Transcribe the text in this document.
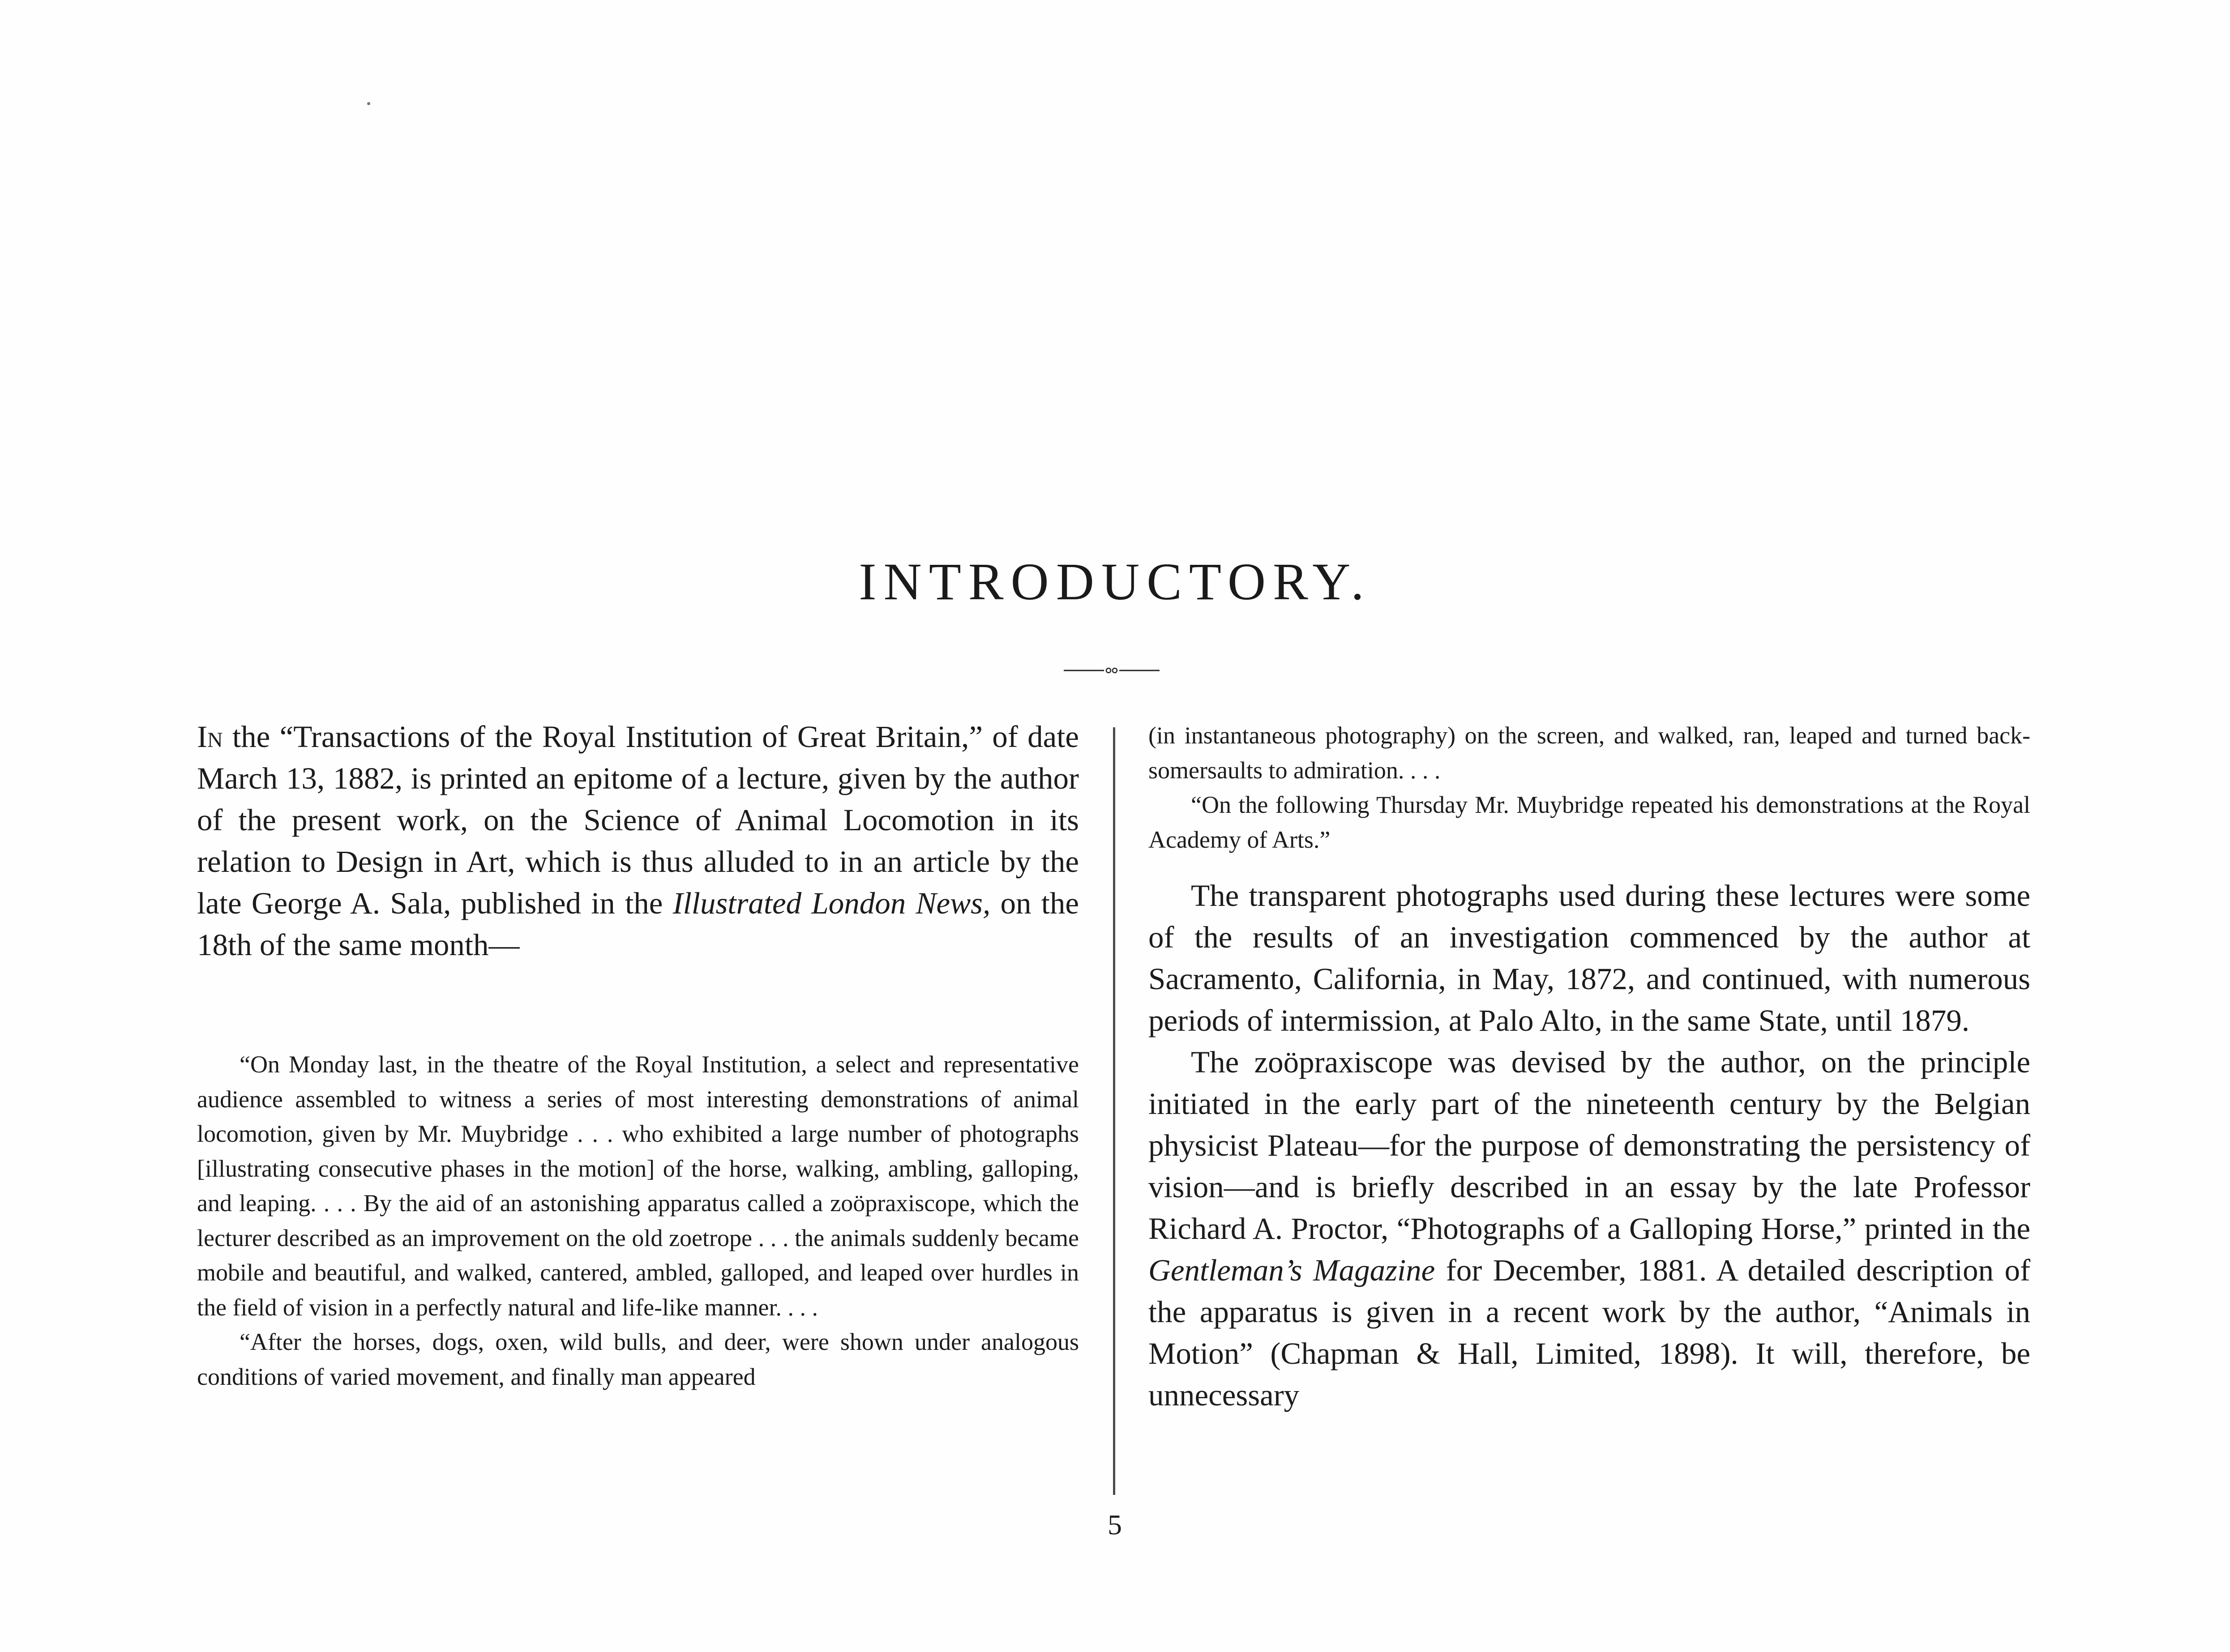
INTRODUCTORY.

In the “Transactions of the Royal Institution of Great Britain,” of date March 13, 1882, is printed an epitome of a lecture, given by the author of the present work, on the Science of Animal Locomotion in its relation to Design in Art, which is thus alluded to in an article by the late George A. Sala, published in the Illustrated London News, on the 18th of the same month—

“On Monday last, in the theatre of the Royal Institution, a select and representative audience assembled to witness a series of most interesting demonstrations of animal locomotion, given by Mr. Muybridge . . . who exhibited a large number of photographs [illustrating consecutive phases in the motion] of the horse, walking, ambling, galloping, and leaping. . . . By the aid of an astonishing apparatus called a zoöpraxiscope, which the lecturer described as an improvement on the old zoetrope . . . the animals suddenly became mobile and beautiful, and walked, cantered, ambled, galloped, and leaped over hurdles in the field of vision in a perfectly natural and life-like manner. . . .

“After the horses, dogs, oxen, wild bulls, and deer, were shown under analogous conditions of varied movement, and finally man appeared

(in instantaneous photography) on the screen, and walked, ran, leaped and turned back-somersaults to admiration. . . .

“On the following Thursday Mr. Muybridge repeated his demonstrations at the Royal Academy of Arts.”

The transparent photographs used during these lectures were some of the results of an investigation commenced by the author at Sacramento, California, in May, 1872, and continued, with numerous periods of intermission, at Palo Alto, in the same State, until 1879.

The zoöpraxiscope was devised by the author, on the principle initiated in the early part of the nineteenth century by the Belgian physicist Plateau—for the purpose of demonstrating the persistency of vision—and is briefly described in an essay by the late Professor Richard A. Proctor, “Photographs of a Galloping Horse,” printed in the Gentleman’s Magazine for December, 1881. A detailed description of the apparatus is given in a recent work by the author, “Animals in Motion” (Chapman & Hall, Limited, 1898). It will, therefore, be unnecessary

5
